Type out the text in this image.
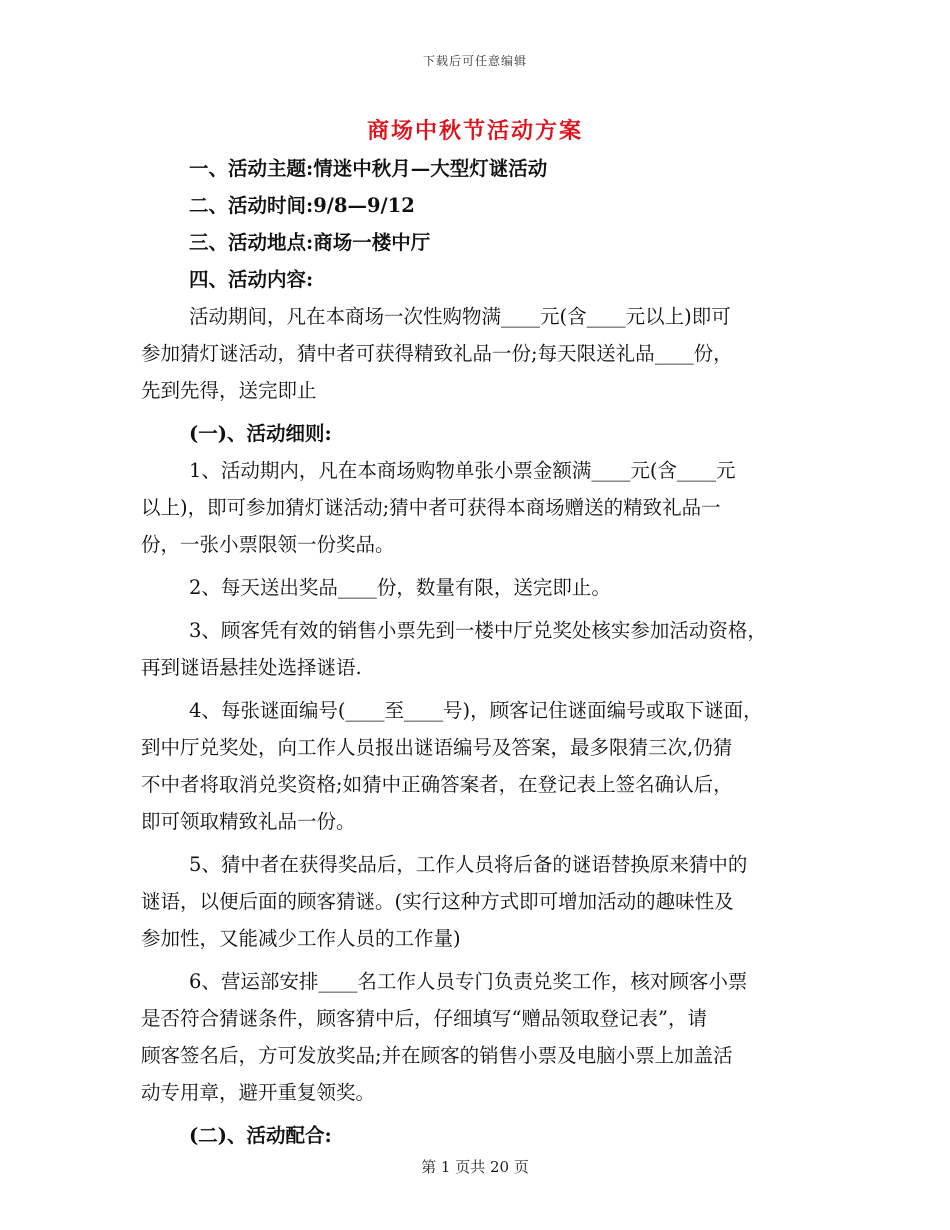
下载后可任意编辑
商场中秋节活动方案
一、活动主题:情迷中秋月—大型灯谜活动
二、活动时间:9/8—9/12
三、活动地点:商场一楼中厅
四、活动内容:
活动期间，凡在本商场一次性购物满____元(含____元以上)即可
参加猜灯谜活动，猜中者可获得精致礼品一份;每天限送礼品____份，
先到先得，送完即止
(一)、活动细则:
1、活动期内，凡在本商场购物单张小票金额满____元(含____元
以上)，即可参加猜灯谜活动;猜中者可获得本商场赠送的精致礼品一
份，一张小票限领一份奖品。
2、每天送出奖品____份，数量有限，送完即止。
3、顾客凭有效的销售小票先到一楼中厅兑奖处核实参加活动资格，
再到谜语悬挂处选择谜语.
4、每张谜面编号(____至____号)，顾客记住谜面编号或取下谜面，
到中厅兑奖处，向工作人员报出谜语编号及答案，最多限猜三次,仍猜
不中者将取消兑奖资格;如猜中正确答案者，在登记表上签名确认后，
即可领取精致礼品一份。
5、猜中者在获得奖品后，工作人员将后备的谜语替换原来猜中的
谜语，以便后面的顾客猜谜。(实行这种方式即可增加活动的趣味性及
参加性，又能减少工作人员的工作量)
6、营运部安排____名工作人员专门负责兑奖工作，核对顾客小票
是否符合猜谜条件，顾客猜中后，仔细填写“赠品领取登记表”，请
顾客签名后，方可发放奖品;并在顾客的销售小票及电脑小票上加盖活
动专用章，避开重复领奖。
(二)、活动配合:
第 1 页共 20 页
